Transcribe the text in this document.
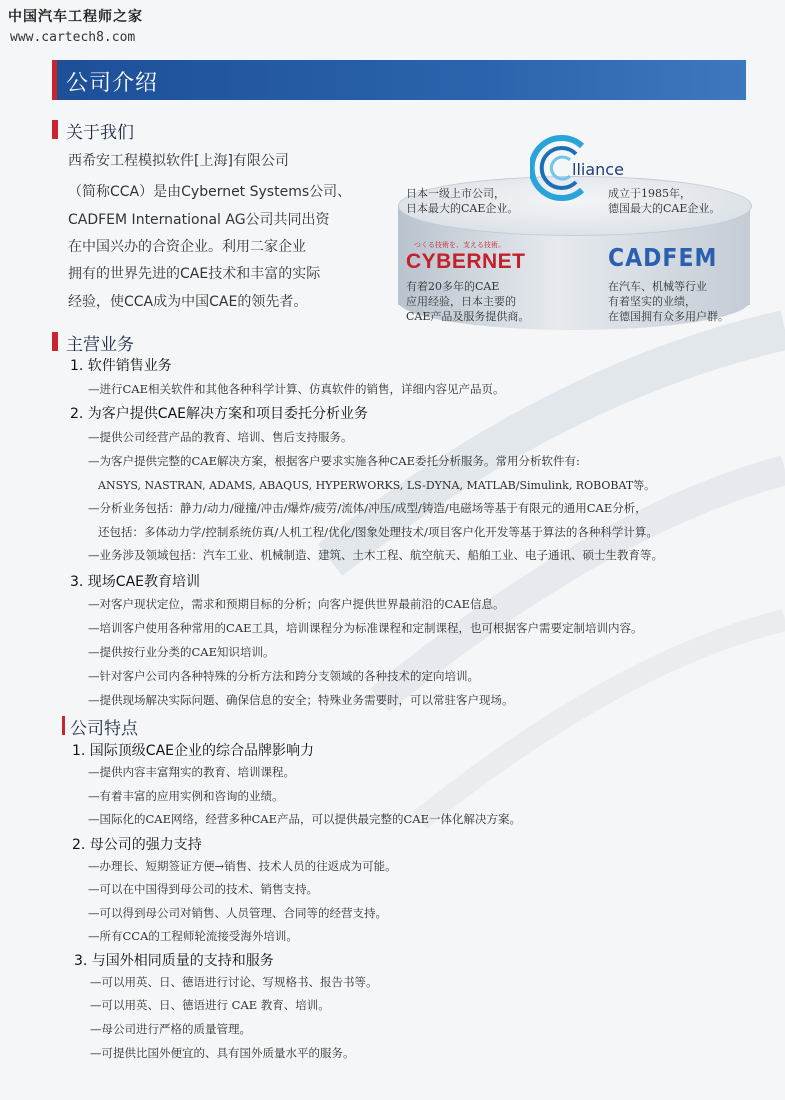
中国汽车工程师之家
www.cartech8.com
公司介绍
关于我们
西希安工程模拟软件[上海]有限公司
（简称CCA）是由Cybernet Systems公司、
CADFEM International AG公司共同出资
在中国兴办的合资企业。利用二家企业
拥有的世界先进的CAE技术和丰富的实际
经验，使CCA成为中国CAE的领先者。
lliance
日本一级上市公司，
日本最大的CAE企业。
成立于1985年，
德国最大的CAE企业。
つくる技術を、支える技術。
CYBERNET	CADFEM
有着20多年的CAE
应用经验，日本主要的
CAE产品及服务提供商。
在汽车、机械等行业
有着坚实的业绩，
在德国拥有众多用户群。
主营业务
1. 软件销售业务
—进行CAE相关软件和其他各种科学计算、仿真软件的销售，详细内容见产品页。
2. 为客户提供CAE解决方案和项目委托分析业务
—提供公司经营产品的教育、培训、售后支持服务。
—为客户提供完整的CAE解决方案，根据客户要求实施各种CAE委托分析服务。常用分析软件有:
ANSYS, NASTRAN, ADAMS, ABAQUS, HYPERWORKS, LS-DYNA, MATLAB/Simulink, ROBOBAT等。
—分析业务包括：静力/动力/碰撞/冲击/爆炸/疲劳/流体/冲压/成型/铸造/电磁场等基于有限元的通用CAE分析，
还包括：多体动力学/控制系统仿真/人机工程/优化/图象处理技术/项目客户化开发等基于算法的各种科学计算。
—业务涉及领域包括：汽车工业、机械制造、建筑、土木工程、航空航天、船舶工业、电子通讯、硕士生教育等。
3. 现场CAE教育培训
—对客户现状定位，需求和预期目标的分析；向客户提供世界最前沿的CAE信息。
—培训客户使用各种常用的CAE工具，培训课程分为标准课程和定制课程，也可根据客户需要定制培训内容。
—提供按行业分类的CAE知识培训。
—针对客户公司内各种特殊的分析方法和跨分支领域的各种技术的定向培训。
—提供现场解决实际问题、确保信息的安全；特殊业务需要时，可以常驻客户现场。
公司特点
1. 国际顶级CAE企业的综合品牌影响力
—提供内容丰富翔实的教育、培训课程。
—有着丰富的应用实例和咨询的业绩。
—国际化的CAE网络，经营多种CAE产品，可以提供最完整的CAE一体化解决方案。
2. 母公司的强力支持
—办理长、短期签证方便→销售、技术人员的往返成为可能。
—可以在中国得到母公司的技术、销售支持。
—可以得到母公司对销售、人员管理、合同等的经营支持。
—所有CCA的工程师轮流接受海外培训。
3. 与国外相同质量的支持和服务
—可以用英、日、德语进行讨论、写规格书、报告书等。
—可以用英、日、德语进行 CAE 教育、培训。
—母公司进行严格的质量管理。
—可提供比国外便宜的、具有国外质量水平的服务。
